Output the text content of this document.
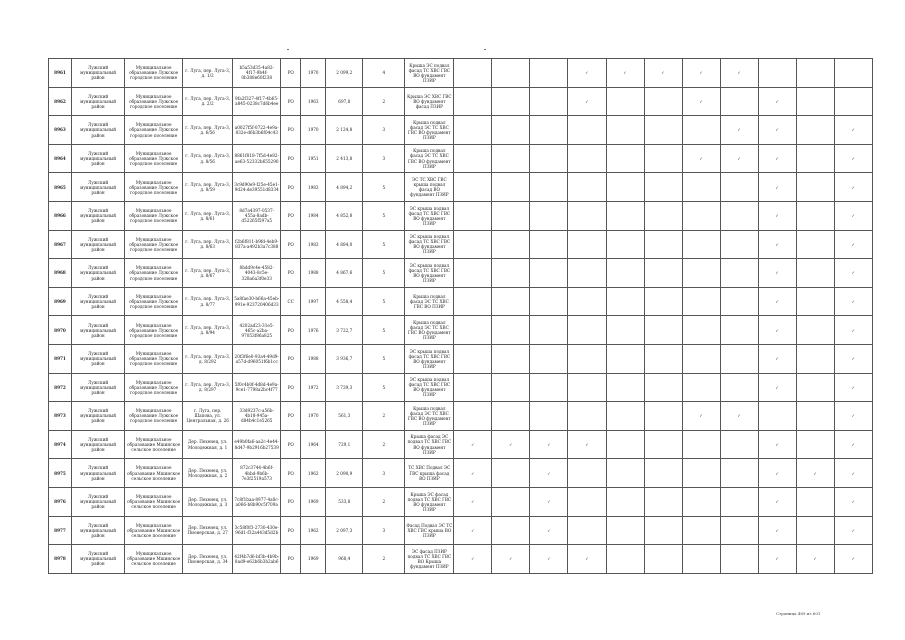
8961	Лужский муниципальный район	Муниципальное образование Лужское городское поселение	г. Луга, пер. Луга-3, д. 1/2	b5a53d35-4a82-4f17-9b4f-0b388e60f238	РО	1970	2 099,2	4	Крыша ЭС подвал фасад ТС ХВС ГВС ВО фундамент ПЗИР				✓	✓	✓	✓	✓			
8962	Лужский муниципальный район	Муниципальное образование Лужское городское поселение	г. Луга, пер. Луга-3, д. 2/2	9fa2f327-4f17-4b65-a845-0238c7d6b4ee	РО	1963	697,8	2	Крыша ЭС ХВС ГВС ВО фундамент фасад ПЗИР				✓			✓		✓		
8963	Лужский муниципальный район	Муниципальное образование Лужское городское поселение	г. Луга, пер. Луга-3, д. 6/56	a0027f5f-0722-4e9a-832e-d6b3b6f04c43	РО	1970	2 124,8	3	Крыша подвал фасад ЭС ТС ХВС ГВС ВО фундамент ПЗИР								✓	✓		✓
8964	Лужский муниципальный район	Муниципальное образование Лужское городское поселение	г. Луга, пер. Луга-3, д. 8/56	8861f818-7f5d-4e82-ae63-52332b655290	РО	1951	2 413,8	3	Крыша подвал фасад ЭС ТС ХВС ГВС ВО фундамент ПЗИР							✓	✓	✓		✓
8965	Лужский муниципальный район	Муниципальное образование Лужское городское поселение	г. Луга, пер. Луга-3, д. 8/59	3c9d90e9-f25e-45e1-9d24-de39551d8334	РО	1983	4 894,2	5	ЭС ТС ХВС ГВС крыша подвал фасад ВО фундамент ПЗИР									✓		✓
8966	Лужский муниципальный район	Муниципальное образование Лужское городское поселение	г. Луга, пер. Луга-3, д. 8/61	8d7a4397-0537-455a-8adb-d52265f597a5	РО	1984	4 852,8	5	ЭС крыша подвал фасад ТС ХВС ГВС ВО фундамент ПЗИР									✓		✓
8967	Лужский муниципальный район	Муниципальное образование Лужское городское поселение	г. Луга, пер. Луга-3, д. 8/63	f2b6f811-b9fd-4eb9-837a-a492b3a7c388	РО	1983	4 884,0	5	ЭС крыша подвал фасад ТС ХВС ГВС ВО фундамент ПЗИР									✓		✓
8968	Лужский муниципальный район	Муниципальное образование Лужское городское поселение	г. Луга, пер. Луга-3, д. 8/67	8bdd9c4e-4582-4043-8c5e-328a6a3f0e33	РО	1988	4 867,6	5	ЭС крыша подвал фасад ТС ХВС ГВС ВО фундамент ПЗИР									✓		✓
8969	Лужский муниципальный район	Муниципальное образование Лужское городское поселение	г. Луга, пер. Луга-3, д. 8/77	5a8fae30-b66a-45eb-991e-923720406d33	СС	1997	4 558,4	5	Крыша подвал фасад ЭС ТС ХВС ГВС ВО ПЗИР									✓		✓
8970	Лужский муниципальный район	Муниципальное образование Лужское городское поселение	г. Луга, пер. Луга-3, д. 8/94	4202ad23-31e5-465c-a2ba-97053f86a825	РО	1976	3 722,7	5	Крыша подвал фасад ЭС ТС ХВС ГВС ВО фундамент ПЗИР									✓		✓
8971	Лужский муниципальный район	Муниципальное образование Лужское городское поселение	г. Луга, пер. Луга-3, д. 8/292	20f3f6e0-93a4-49d9-a57d-d96051f6b1cc	РО	1988	3 936,7	5	ЭС крыша подвал фасад ТС ХВС ГВС ВО фундамент ПЗИР									✓		✓
8972	Лужский муниципальный район	Муниципальное образование Лужское городское поселение	г. Луга, пер. Луга-3, д. 8/297	5f0c4b0f-4d8d-4e9a-9ce1-7798a2bc4f77	РО	1972	3 739,3	5	ЭС крыша подвал фасад ТС ХВС ГВС ВО фундамент ПЗИР									✓		✓
8973	Лужский муниципальный район	Муниципальное образование Лужское городское поселение	г. Луга, пер. Шапова, ул. Центральная, д. 26	33d9237c-a56b-4b18-945a-d84b4c1e5265	РО	1970	561,3	2	Крыша подвал фасад ЭС ТС ХВС ГВС ВО фундамент ПЗИР							✓	✓			✓
8974	Лужский муниципальный район	Муниципальное образование Мшинское сельское поселение	Дер. Пехенец, ул. Молодежная, д. 1	e49b0fa6-aa2c-4e44-8d47-9b2916b27539	РО	1964	729,1	2	Крыша фасад ЭС подвал ТС ХВС ГВС ВО фундамент ПЗИР	✓	✓	✓	✓					✓		✓
8975	Лужский муниципальный район	Муниципальное образование Мшинское сельское поселение	Дер. Пехенец, ул. Молодежная, д. 2	872c3744-4b6f-4bbd-9b6b-7e3f2519a573	РО	1962	2 090,9	3	ТС ХВС Подвал ЭС ГВС крыша фасад ВО ПЗИР	✓		✓						✓	✓	✓
8976	Лужский муниципальный район	Муниципальное образование Мшинское сельское поселение	Дер. Пехенец, ул. Молодежная, д. 3	7c8f1baa-8977-4a0c-a066-b8b90c5f709a	РО	1969	533,8	2	Крыша ЭС фасад подвал ТС ХВС ГВС ВО фундамент ПЗИР	✓		✓						✓		✓
8977	Лужский муниципальный район	Муниципальное образование Мшинское сельское поселение	Дер. Пехенец, ул. Пионерская, д. 27	3c58f0f3-2730-430e-96d1-f32a443d5d2b	РО	1962	2 097,3	3	Фасад Подвал ЭС ТС ХВС ГВС крыша ВО ПЗИР	✓		✓						✓		✓
8978	Лужский муниципальный район	Муниципальное образование Мшинское сельское поселение	Дер. Пехенец, ул. Пионерская, д. 34	42f4b7d6-bf3b-4b9b-8ad9-e62b6b3b2ab6	РО	1969	968,4	2	ЭС фасад ПЗИР подвал ТС ХВС ГВС ВО Крыша фундамент ПЗИР	✓	✓	✓	✓					✓	✓	✓
Страница 489 из 601
